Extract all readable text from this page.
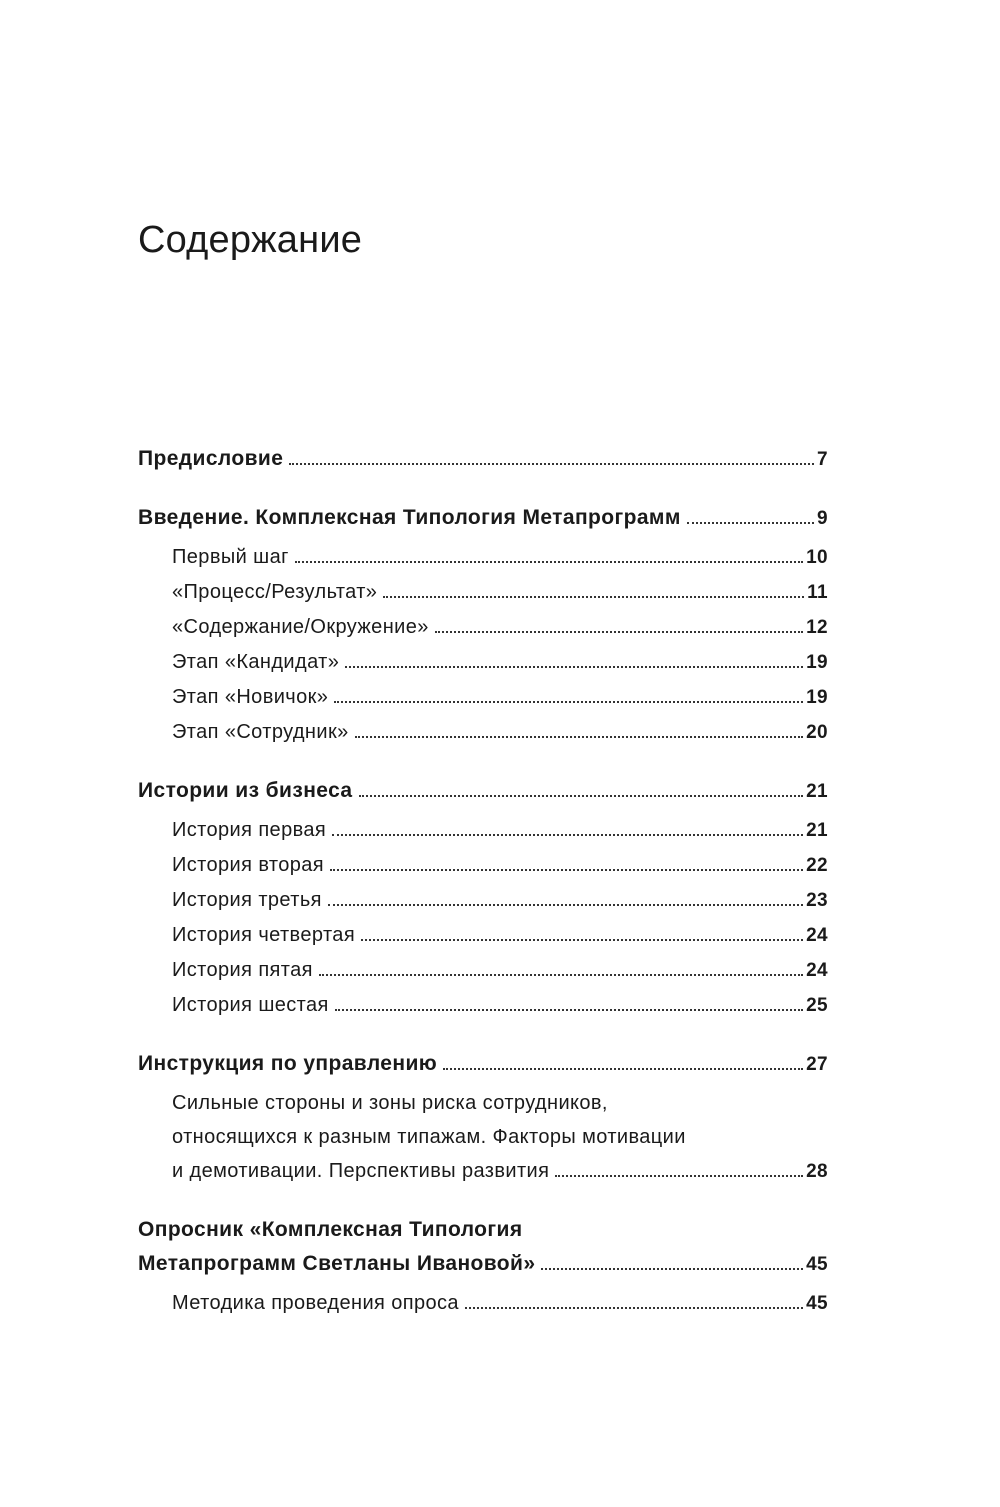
Содержание
Предисловие	7
Введение. Комплексная Типология Метапрограмм	9
Первый шаг	10
«Процесс/Результат»	11
«Содержание/Окружение»	12
Этап «Кандидат»	19
Этап «Новичок»	19
Этап «Сотрудник»	20
Истории из бизнеса	21
История первая	21
История вторая	22
История третья	23
История четвертая	24
История пятая	24
История шестая	25
Инструкция по управлению	27
Сильные стороны и зоны риска сотрудников,
относящихся к разным типажам. Факторы мотивации
и демотивации. Перспективы развития	28
Опросник «Комплексная Типология
Метапрограмм Светланы Ивановой»	45
Методика проведения опроса	45
